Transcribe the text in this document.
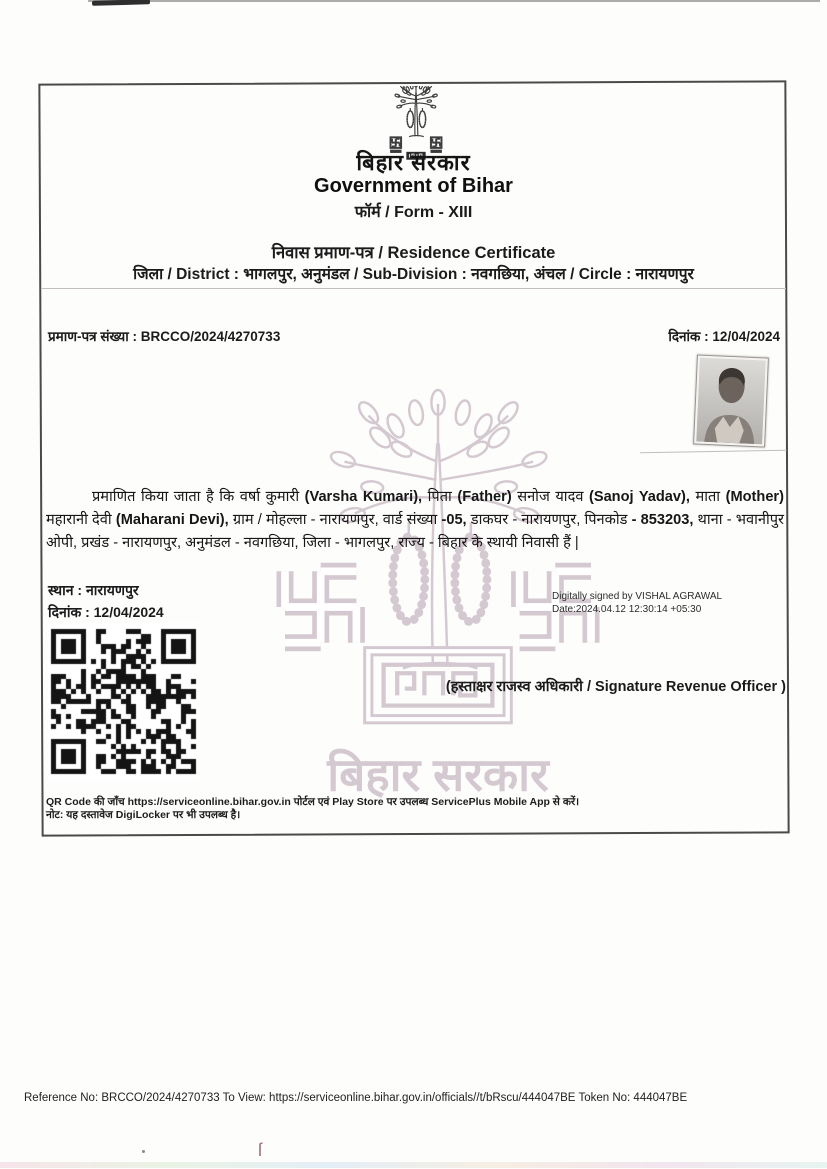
बिहार सरकार
बिहार सरकार
Government of Bihar
फॉर्म / Form - XIII
निवास प्रमाण-पत्र / Residence Certificate
जिला / District : भागलपुर, अनुमंडल / Sub-Division : नवगछिया, अंचल / Circle : नारायणपुर
प्रमाण-पत्र संख्या : BRCCO/2024/4270733	दिनांक : 12/04/2024
प्रमाणित किया जाता है कि वर्षा कुमारी (Varsha Kumari), पिता (Father) सनोज यादव (Sanoj Yadav), माता (Mother) महारानी देवी (Maharani Devi), ग्राम / मोहल्ला - नारायणपुर, वार्ड संख्या -05, डाकघर - नारायणपुर, पिनकोड - 853203, थाना - भवानीपुर ओपी, प्रखंड - नारायणपुर, अनुमंडल - नवगछिया, जिला - भागलपुर, राज्य - बिहार के स्थायी निवासी हैं |
स्थान : नारायणपुर
दिनांक : 12/04/2024
Digitally signed by VISHAL AGRAWAL
Date:2024.04.12 12:30:14 +05:30
(हस्ताक्षर राजस्व अधिकारी / Signature Revenue Officer )
QR Code की जाँच https://serviceonline.bihar.gov.in पोर्टल एवं Play Store पर उपलब्ध ServicePlus Mobile App से करें।
नोट: यह दस्तावेज DigiLocker पर भी उपलब्ध है।
Reference No: BRCCO/2024/4270733 To View: https://serviceonline.bihar.gov.in/officials//t/bRscu/444047BE Token No: 444047BE
ſ
